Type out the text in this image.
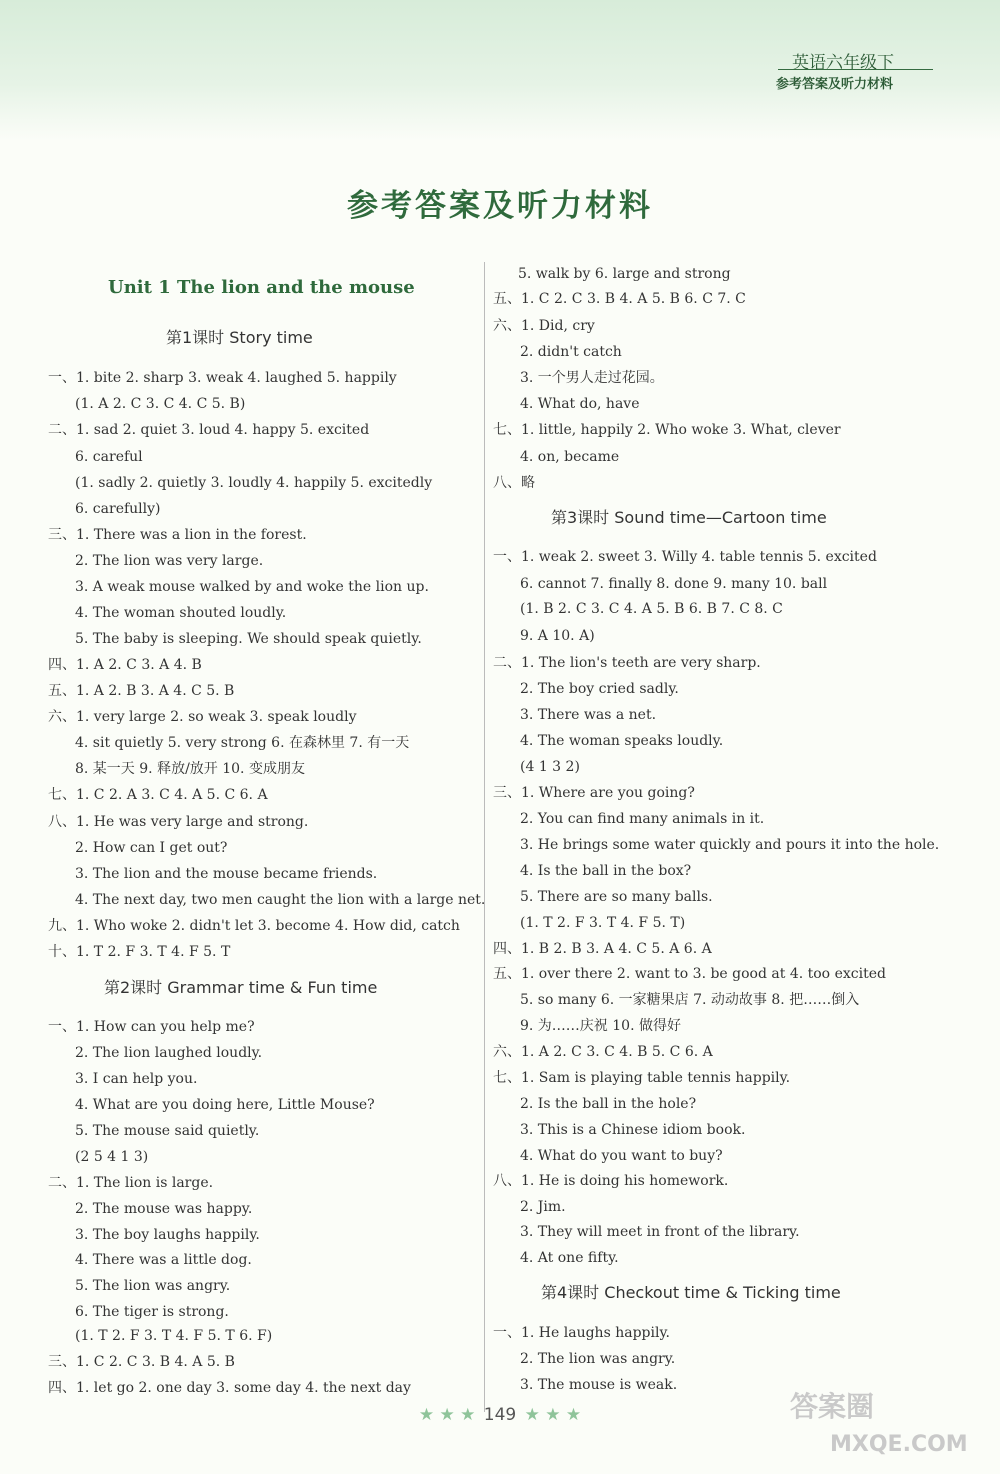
英语六年级下
参考答案及听力材料
参考答案及听力材料
Unit 1 The lion and the mouse
第1课时 Story time
一、1. bite 2. sharp 3. weak 4. laughed 5. happily
(1. A 2. C 3. C 4. C 5. B)
二、1. sad 2. quiet 3. loud 4. happy 5. excited
6. careful
(1. sadly 2. quietly 3. loudly 4. happily 5. excitedly
6. carefully)
三、1. There was a lion in the forest.
2. The lion was very large.
3. A weak mouse walked by and woke the lion up.
4. The woman shouted loudly.
5. The baby is sleeping. We should speak quietly.
四、1. A 2. C 3. A 4. B
五、1. A 2. B 3. A 4. C 5. B
六、1. very large 2. so weak 3. speak loudly
4. sit quietly 5. very strong 6. 在森林里 7. 有一天
8. 某一天 9. 释放/放开 10. 变成朋友
七、1. C 2. A 3. C 4. A 5. C 6. A
八、1. He was very large and strong.
2. How can I get out?
3. The lion and the mouse became friends.
4. The next day, two men caught the lion with a large net.
九、1. Who woke 2. didn't let 3. become 4. How did, catch
十、1. T 2. F 3. T 4. F 5. T
第2课时 Grammar time & Fun time
一、1. How can you help me?
2. The lion laughed loudly.
3. I can help you.
4. What are you doing here, Little Mouse?
5. The mouse said quietly.
(2 5 4 1 3)
二、1. The lion is large.
2. The mouse was happy.
3. The boy laughs happily.
4. There was a little dog.
5. The lion was angry.
6. The tiger is strong.
(1. T 2. F 3. T 4. F 5. T 6. F)
三、1. C 2. C 3. B 4. A 5. B
四、1. let go 2. one day 3. some day 4. the next day
5. walk by 6. large and strong
五、1. C 2. C 3. B 4. A 5. B 6. C 7. C
六、1. Did, cry
2. didn't catch
3. 一个男人走过花园。
4. What do, have
七、1. little, happily 2. Who woke 3. What, clever
4. on, became
八、略
第3课时 Sound time—Cartoon time
一、1. weak 2. sweet 3. Willy 4. table tennis 5. excited
6. cannot 7. finally 8. done 9. many 10. ball
(1. B 2. C 3. C 4. A 5. B 6. B 7. C 8. C
9. A 10. A)
二、1. The lion's teeth are very sharp.
2. The boy cried sadly.
3. There was a net.
4. The woman speaks loudly.
(4 1 3 2)
三、1. Where are you going?
2. You can find many animals in it.
3. He brings some water quickly and pours it into the hole.
4. Is the ball in the box?
5. There are so many balls.
(1. T 2. F 3. T 4. F 5. T)
四、1. B 2. B 3. A 4. C 5. A 6. A
五、1. over there 2. want to 3. be good at 4. too excited
5. so many 6. 一家糖果店 7. 动动故事 8. 把……倒入
9. 为……庆祝 10. 做得好
六、1. A 2. C 3. C 4. B 5. C 6. A
七、1. Sam is playing table tennis happily.
2. Is the ball in the hole?
3. This is a Chinese idiom book.
4. What do you want to buy?
八、1. He is doing his homework.
2. Jim.
3. They will meet in front of the library.
4. At one fifty.
第4课时 Checkout time & Ticking time
一、1. He laughs happily.
2. The lion was angry.
3. The mouse is weak.
★ ★ ★ 149 ★ ★ ★	答案圈
MXQE.COM
